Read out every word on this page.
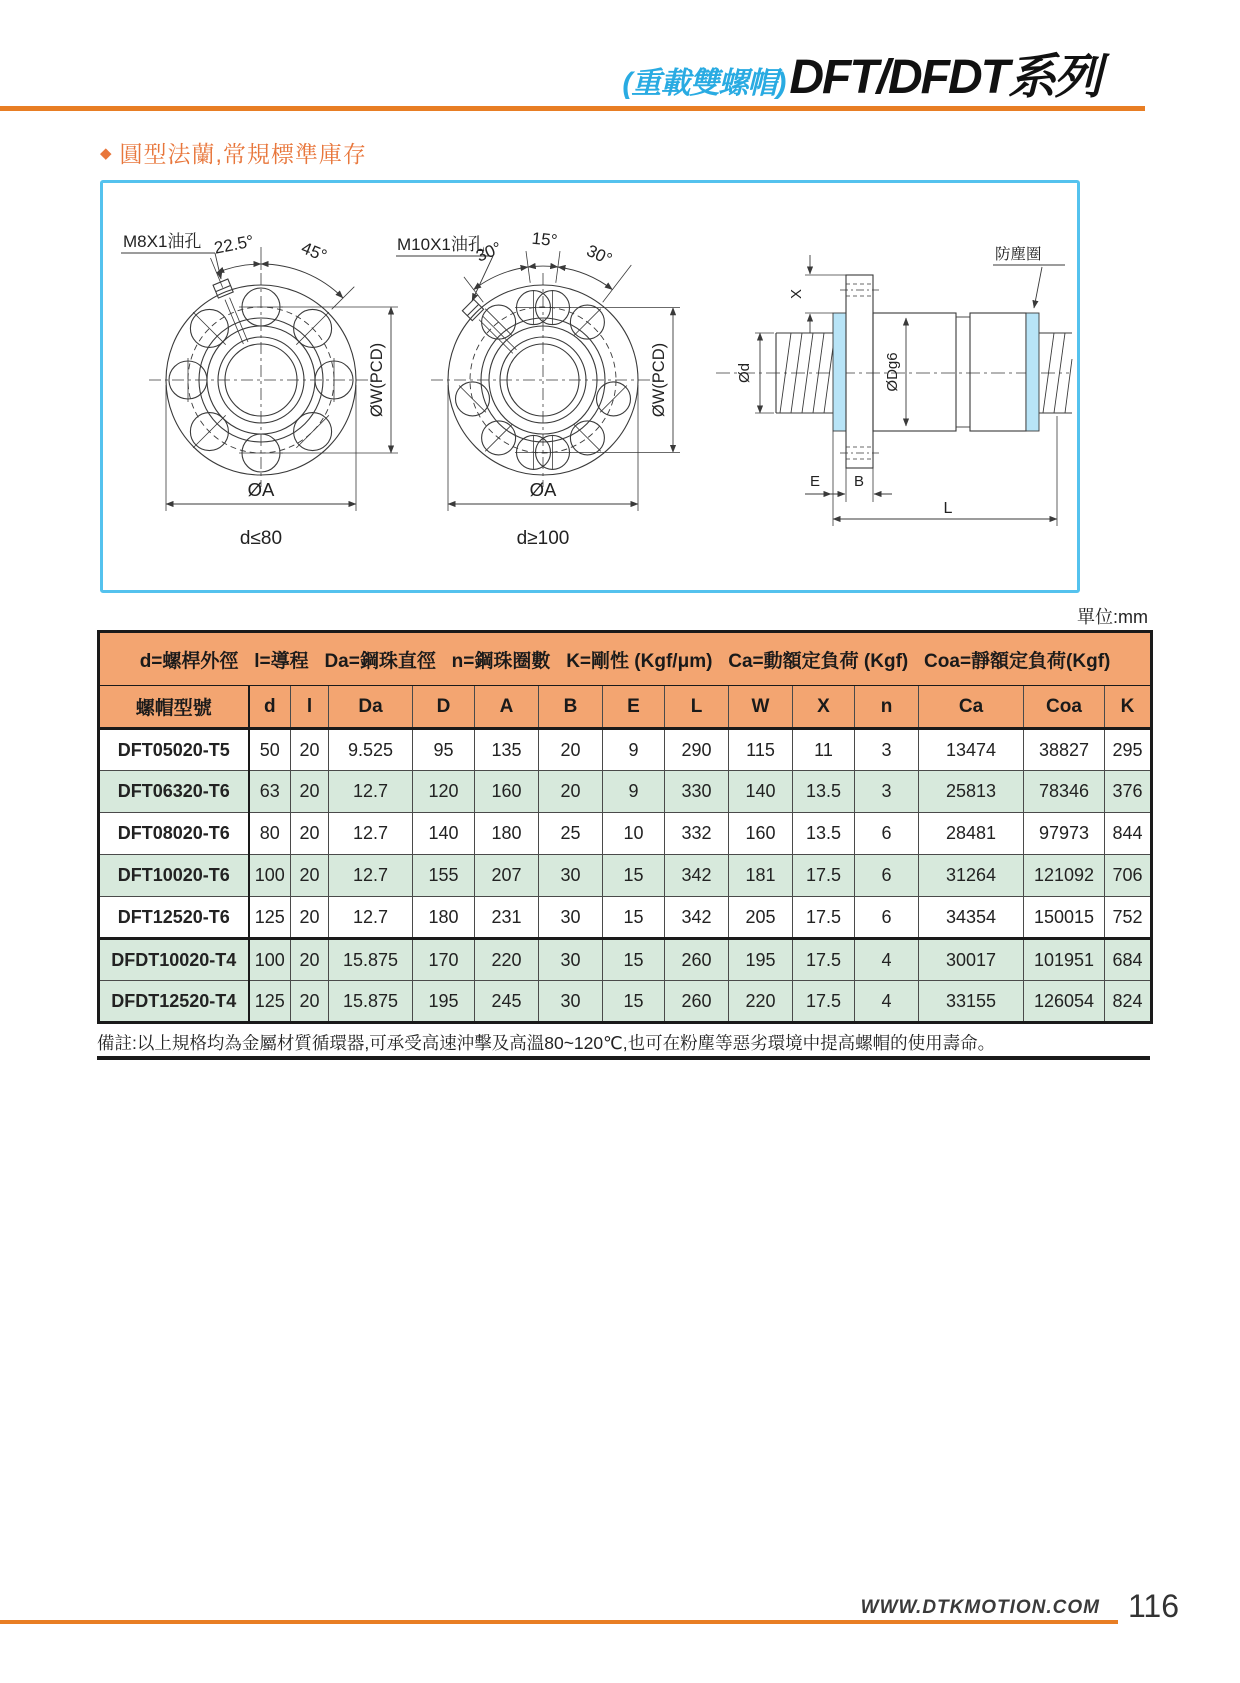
(重載雙螺帽) DFT/DFDT系列
◆ 圓型法蘭,常規標準庫存
M8X1油孔 22.5°	45°
ØW(PCD)
ØA
d≤80
M10X1油孔
30° 15°
30°
ØW(PCD)
ØA
d≥100
X
Ød	ØDg6
防塵圈
E B
L
單位:mm
d=螺桿外徑   l=導程   Da=鋼珠直徑   n=鋼珠圈數   K=剛性 (Kgf/μm)   Ca=動額定負荷 (Kgf)   Coa=靜額定負荷(Kgf)														
螺帽型號	d	l	Da	D	A	B	E	L	W	X	n	Ca	Coa	K
DFT05020-T5	50	20	9.525	95	135	20	9	290	115	11	3	13474	38827	295
DFT06320-T6	63	20	12.7	120	160	20	9	330	140	13.5	3	25813	78346	376
DFT08020-T6	80	20	12.7	140	180	25	10	332	160	13.5	6	28481	97973	844
DFT10020-T6	100	20	12.7	155	207	30	15	342	181	17.5	6	31264	121092	706
DFT12520-T6	125	20	12.7	180	231	30	15	342	205	17.5	6	34354	150015	752
DFDT10020-T4	100	20	15.875	170	220	30	15	260	195	17.5	4	30017	101951	684
DFDT12520-T4	125	20	15.875	195	245	30	15	260	220	17.5	4	33155	126054	824
備註:以上規格均為金屬材質循環器,可承受高速沖擊及高溫80~120℃,也可在粉塵等惡劣環境中提高螺帽的使用壽命。
WWW.DTKMOTION.COM 116
